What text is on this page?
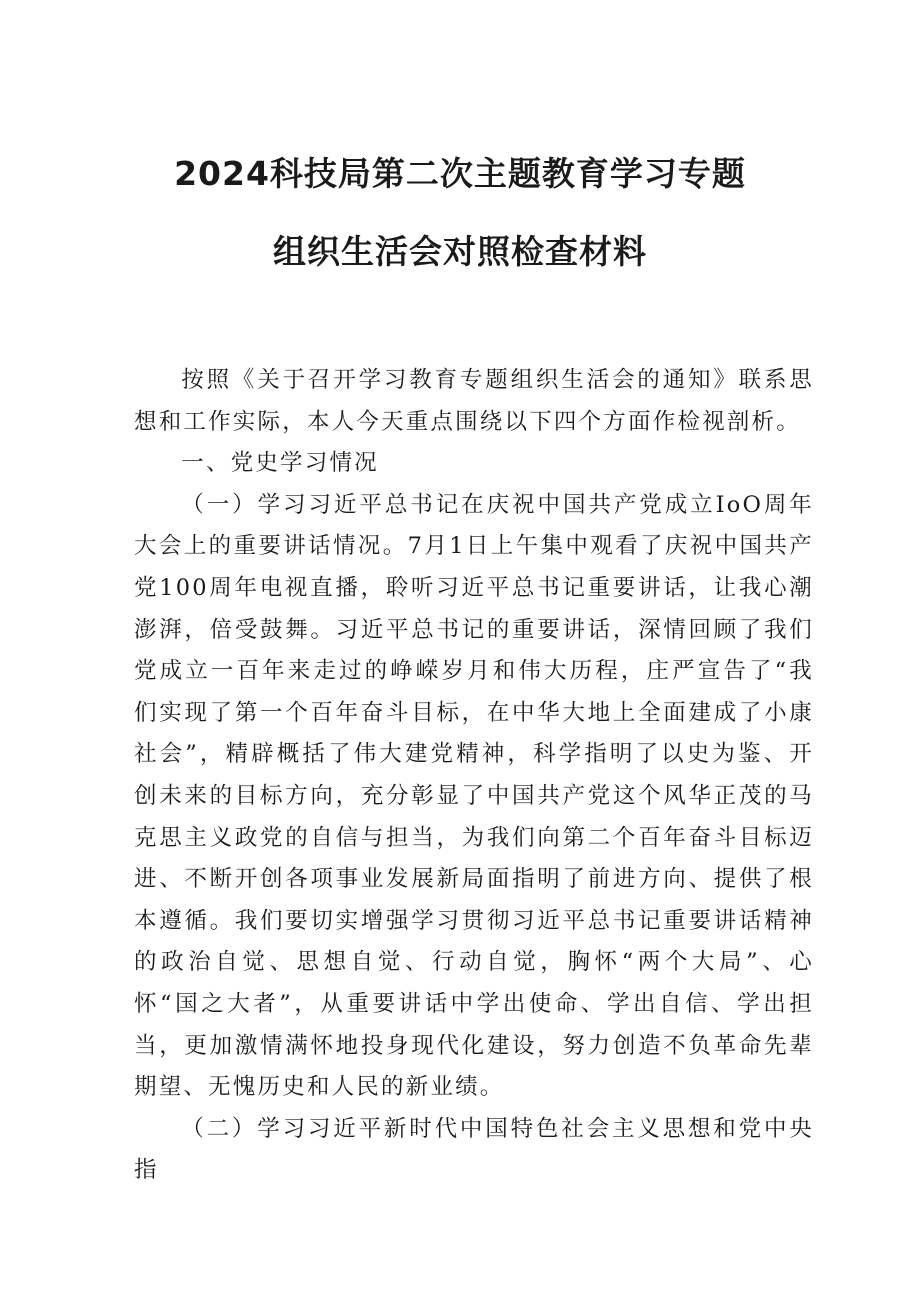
2024科技局第二次主题教育学习专题
组织生活会对照检查材料

按照《关于召开学习教育专题组织生活会的通知》联系思想和工作实际，本人今天重点围绕以下四个方面作检视剖析。

一、党史学习情况

（一）学习习近平总书记在庆祝中国共产党成立IoO周年大会上的重要讲话情况。7月1日上午集中观看了庆祝中国共产党100周年电视直播，聆听习近平总书记重要讲话，让我心潮澎湃，倍受鼓舞。习近平总书记的重要讲话，深情回顾了我们党成立一百年来走过的峥嵘岁月和伟大历程，庄严宣告了“我们实现了第一个百年奋斗目标，在中华大地上全面建成了小康社会”，精辟概括了伟大建党精神，科学指明了以史为鉴、开创未来的目标方向，充分彰显了中国共产党这个风华正茂的马克思主义政党的自信与担当，为我们向第二个百年奋斗目标迈进、不断开创各项事业发展新局面指明了前进方向、提供了根本遵循。我们要切实增强学习贯彻习近平总书记重要讲话精神的政治自觉、思想自觉、行动自觉，胸怀“两个大局”、心怀“国之大者”，从重要讲话中学出使命、学出自信、学出担当，更加激情满怀地投身现代化建设，努力创造不负革命先辈期望、无愧历史和人民的新业绩。

（二）学习习近平新时代中国特色社会主义思想和党中央指
